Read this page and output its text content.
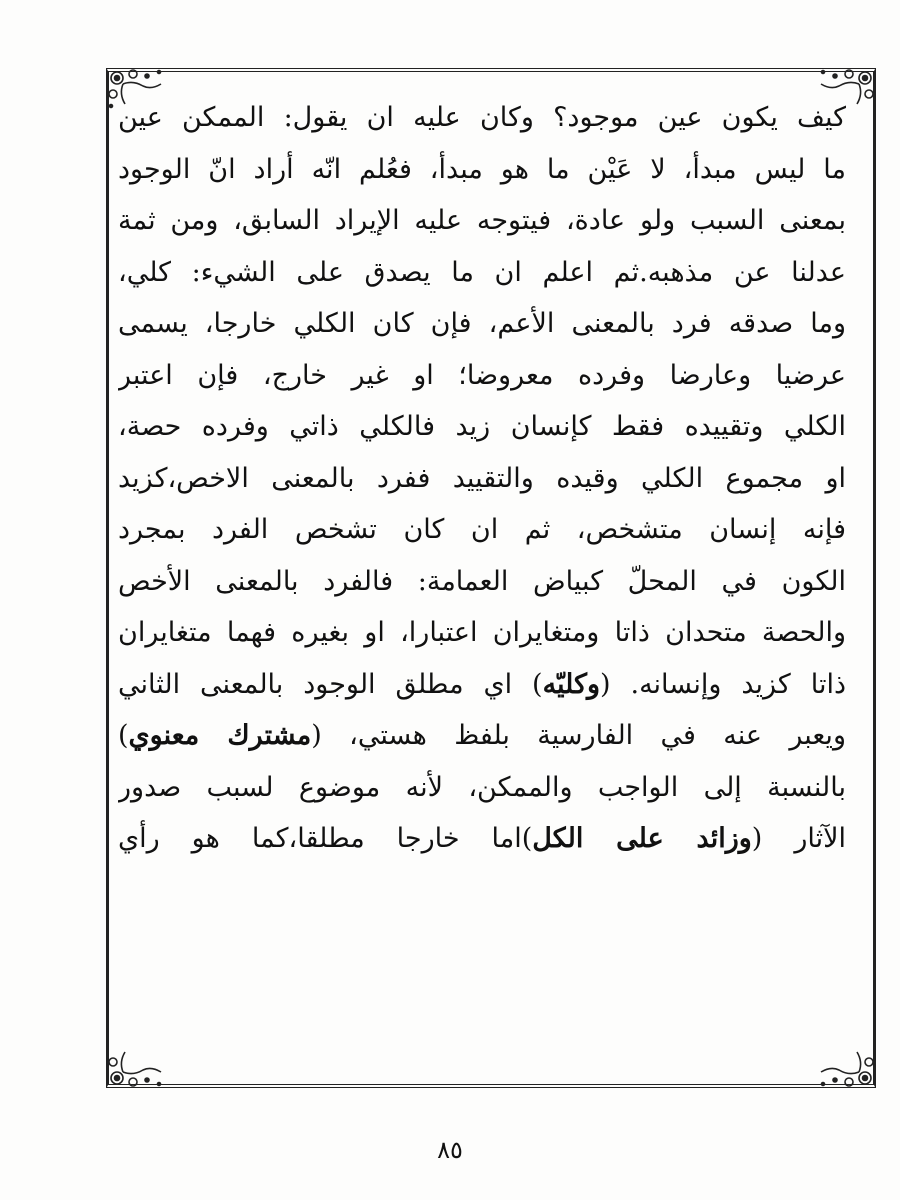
كيف يكون عين موجود؟ وكان عليه ان يقول: الممكن عين
ما ليس مبدأ، لا عَيْن ما هو مبدأ، فعُلم انّه أراد انّ الوجود
بمعنى السبب ولو عادة، فيتوجه عليه الإيراد السابق، ومن ثمة
عدلنا عن مذهبه.ثم اعلم ان ما يصدق على الشيء: كلي،
وما صدقه فرد بالمعنى الأعم، فإن كان الكلي خارجا، يسمى
عرضيا وعارضا وفرده معروضا؛ او غير خارج، فإن اعتبر
الكلي وتقييده فقط كإنسان زيد فالكلي ذاتي وفرده حصة،
او مجموع الكلي وقيده والتقييد ففرد بالمعنى الاخص،كزيد
فإنه إنسان متشخص، ثم ان كان تشخص الفرد بمجرد
الكون في المحلّ كبياض العمامة: فالفرد بالمعنى الأخص
والحصة متحدان ذاتا ومتغايران اعتبارا، او بغيره فهما متغايران
ذاتا كزيد وإنسانه. (وكليّه) اي مطلق الوجود بالمعنى الثاني
ويعبر عنه في الفارسية بلفظ هستي، (مشترك معنوي)
بالنسبة إلى الواجب والممكن، لأنه موضوع لسبب صدور
الآثار (وزائد على الكل)اما خارجا مطلقا،كما هو رأي
٨٥
